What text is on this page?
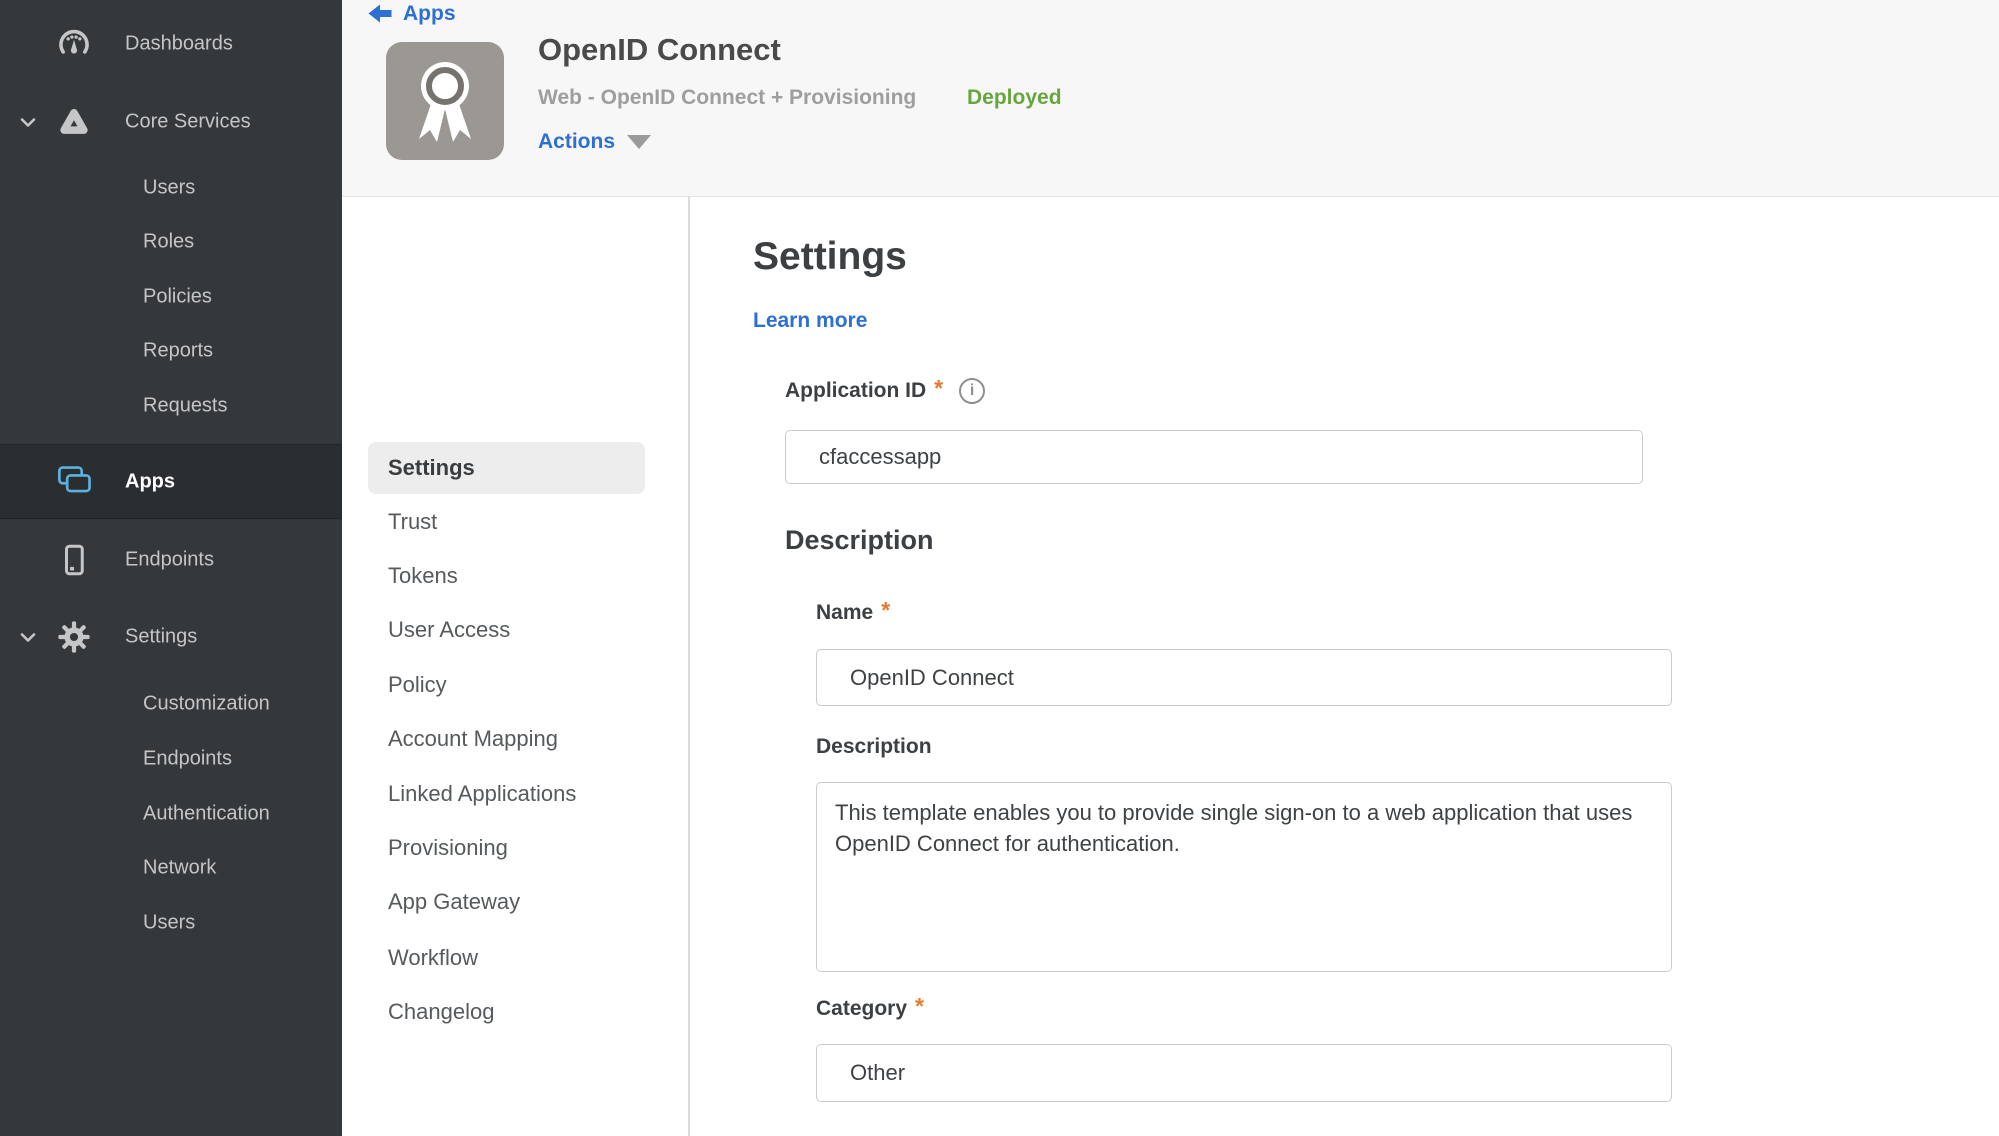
Dashboards
Core Services
Users
Roles
Policies
Reports
Requests
Apps
Endpoints
Settings
Customization
Endpoints
Authentication
Network
Users
Apps
OpenID Connect
Web - OpenID Connect + Provisioning Deployed
Actions
Settings
Trust
Tokens
User Access
Policy
Account Mapping
Linked Applications
Provisioning
App Gateway
Workflow
Changelog
Settings
Learn more
Application ID *	i
cfaccessapp
Description
Name *
OpenID Connect
Description
This template enables you to provide single sign-on to a web application that uses OpenID Connect for authentication.
Category *
Other
